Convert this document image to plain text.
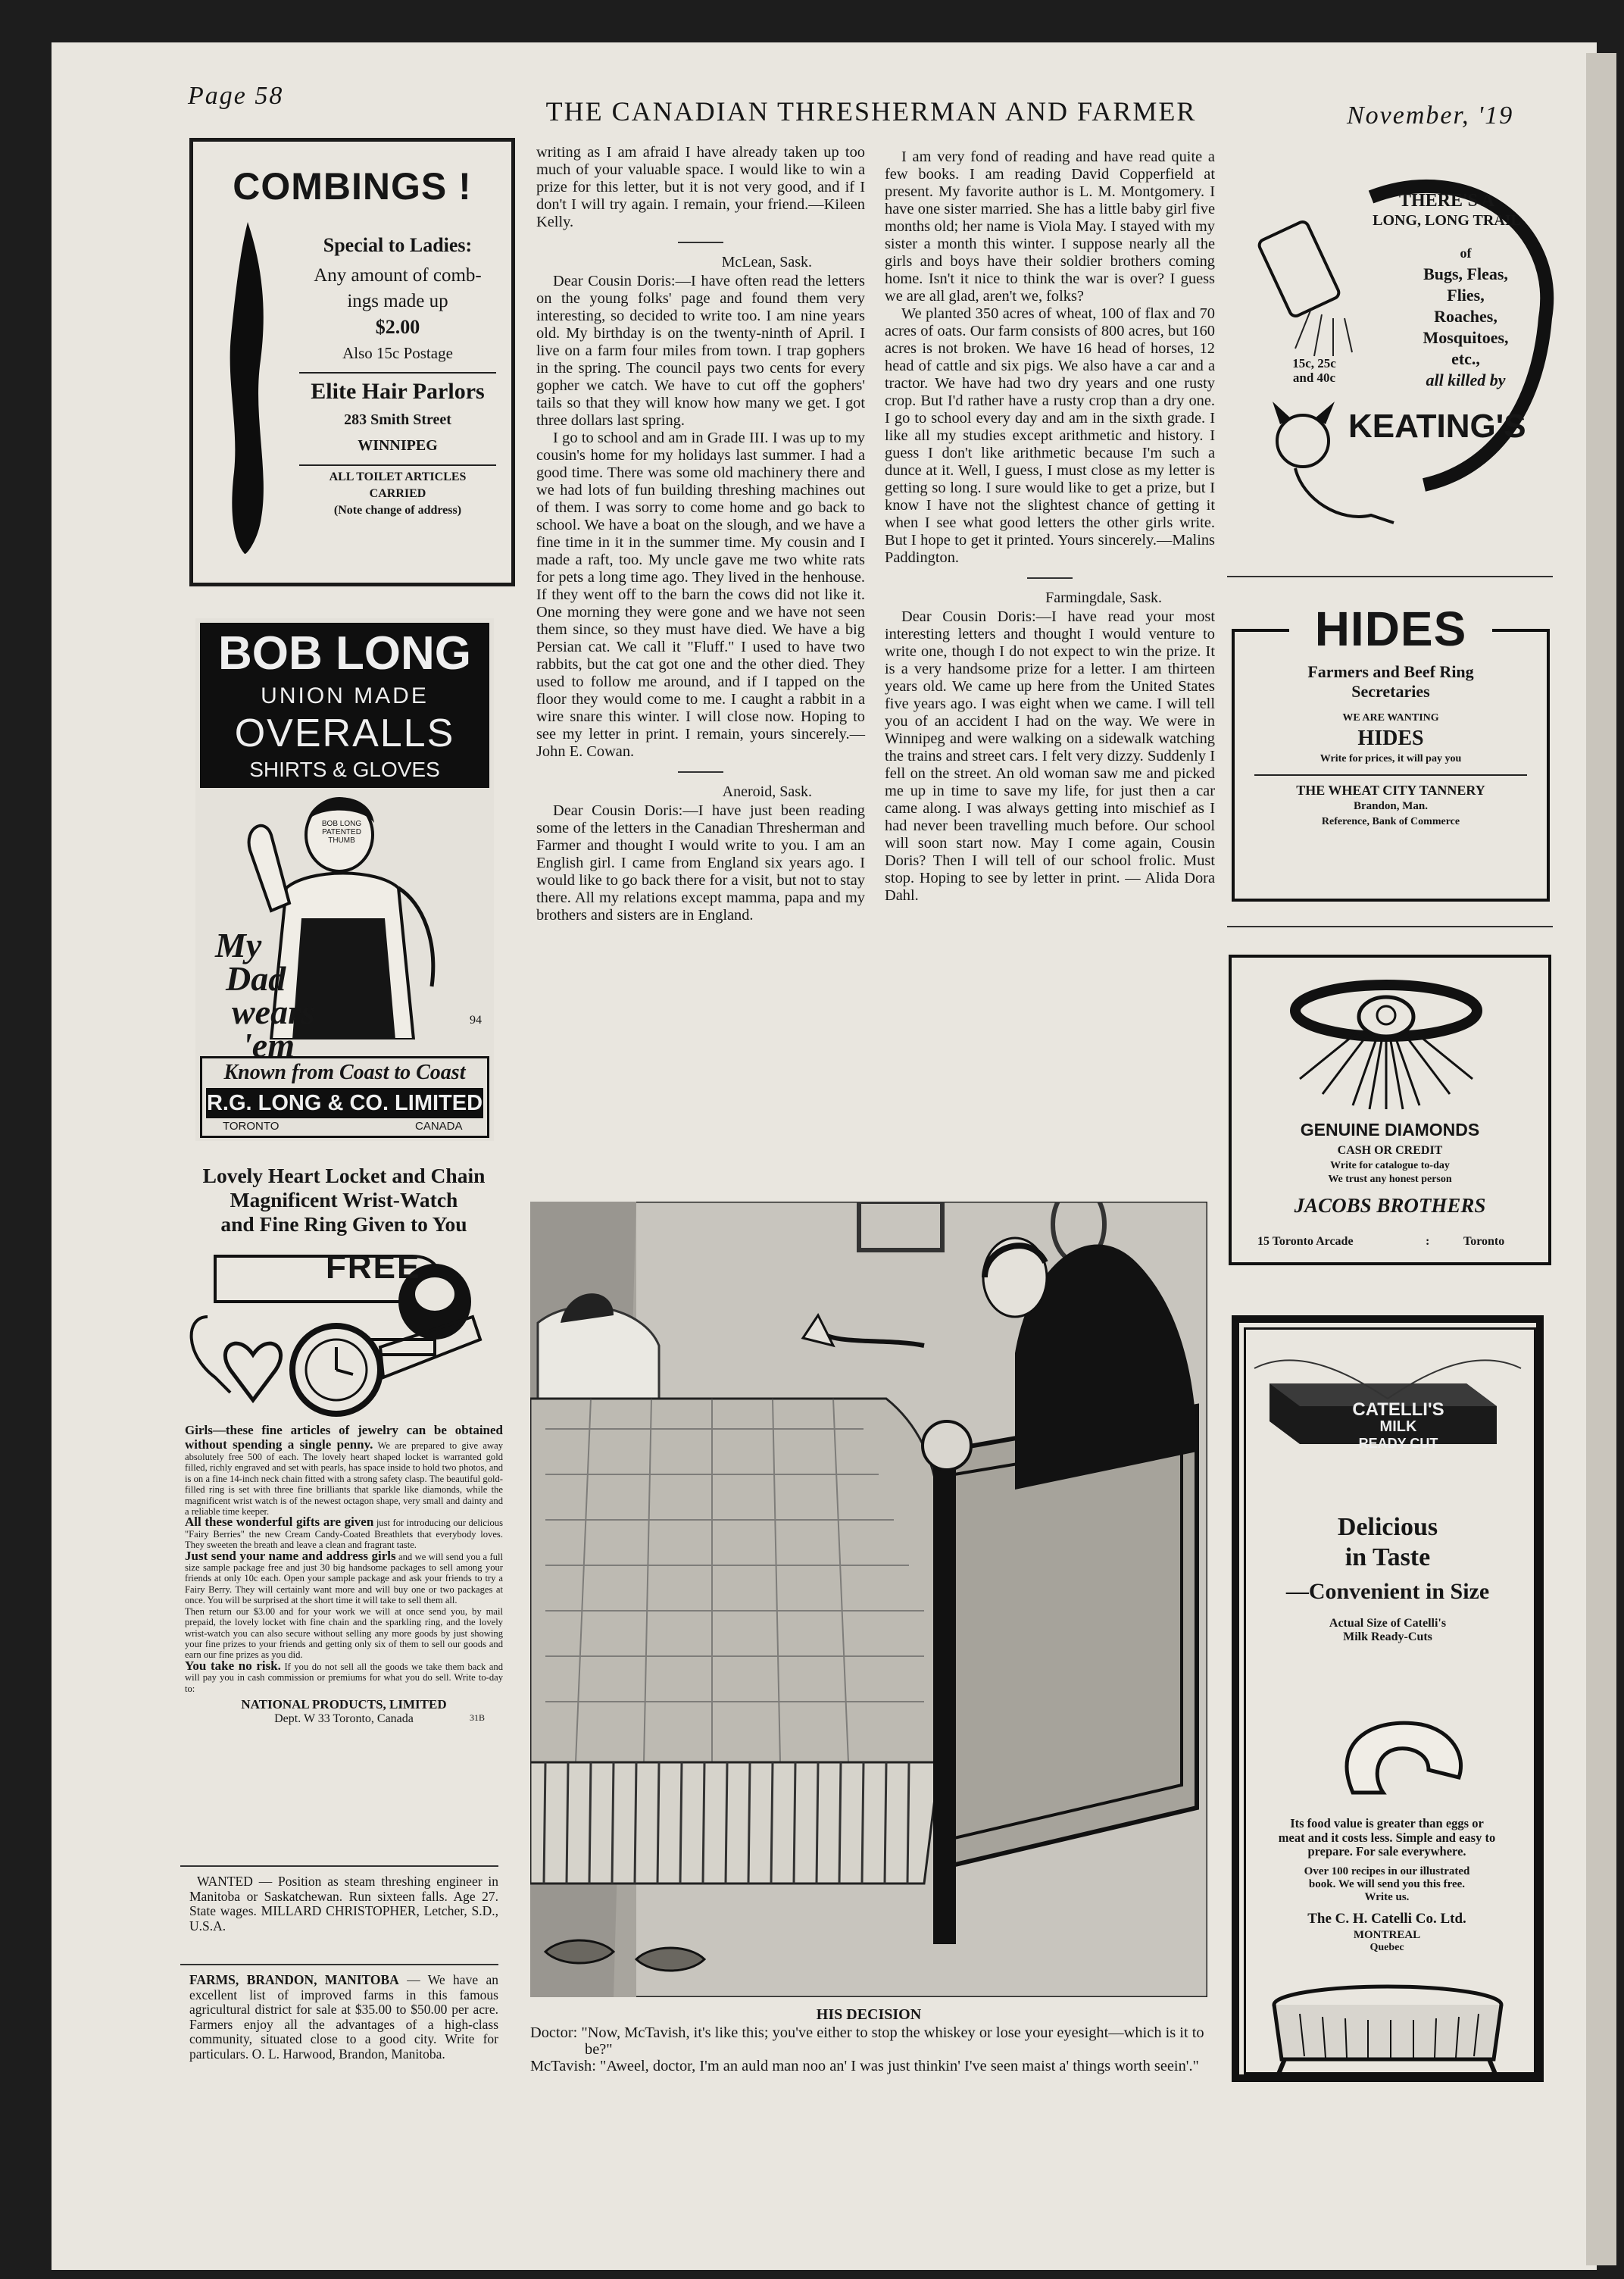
Page 58
THE CANADIAN THRESHERMAN AND FARMER	November, '19
COMBINGS !
Special to Ladies:
Any amount of comb-
ings made up
$2.00
Also 15c Postage
Elite Hair Parlors
283 Smith Street
WINNIPEG
ALL TOILET ARTICLES
CARRIED
(Note change of address)
BOB LONG
UNION MADE
OVERALLS
SHIRTS & GLOVES
BOB LONG
PATENTED
THUMB
My
Dad
wears
'em
94
Known from Coast to Coast
R.G. LONG & CO. LIMITED
TORONTO	CANADA
Lovely Heart Locket and Chain
Magnificent Wrist-Watch
and Fine Ring Given to You
FREE
Girls—these fine articles of jewelry can be obtained without spending a single penny. We are prepared to give away absolutely free 500 of each. The lovely heart shaped locket is warranted gold filled, richly engraved and set with pearls, has space inside to hold two photos, and is on a fine 14-inch neck chain fitted with a strong safety clasp. The beautiful gold-filled ring is set with three fine brilliants that sparkle like diamonds, while the magnificent wrist watch is of the newest octagon shape, very small and dainty and a reliable time keeper.
All these wonderful gifts are given just for introducing our delicious "Fairy Berries" the new Cream Candy-Coated Breathlets that everybody loves. They sweeten the breath and leave a clean and fragrant taste.
Just send your name and address girls and we will send you a full size sample package free and just 30 big handsome packages to sell among your friends at only 10c each. Open your sample package and ask your friends to try a Fairy Berry. They will certainly want more and will buy one or two packages at once. You will be surprised at the short time it will take to sell them all.
Then return our $3.00 and for your work we will at once send you, by mail prepaid, the lovely locket with fine chain and the sparkling ring, and the lovely wrist-watch you can also secure without selling any more goods by just showing your fine prizes to your friends and getting only six of them to sell our goods and earn our fine prizes as you did.
You take no risk. If you do not sell all the goods we take them back and will pay you in cash commission or premiums for what you do sell. Write to-day to:
NATIONAL PRODUCTS, LIMITED
Dept. W 33 Toronto, Canada	31B
WANTED — Position as steam threshing engineer in Manitoba or Saskatchewan. Run sixteen falls. Age 27. State wages. MILLARD CHRISTOPHER, Letcher, S.D., U.S.A.
FARMS, BRANDON, MANITOBA — We have an excellent list of improved farms in this famous agricultural district for sale at $35.00 to $50.00 per acre. Farmers enjoy all the advantages of a high-class community, situated close to a good city. Write for particulars. O. L. Harwood, Brandon, Manitoba.

writing as I am afraid I have already taken up too much of your valuable space. I would like to win a prize for this letter, but it is not very good, and if I don't I will try again. I remain, your friend.—Kileen Kelly.

McLean, Sask.

Dear Cousin Doris:—I have often read the letters on the young folks' page and found them very interesting, so decided to write too. I am nine years old. My birthday is on the twenty-ninth of April. I live on a farm four miles from town. I trap gophers in the spring. The council pays two cents for every gopher we catch. We have to cut off the gophers' tails so that they will know how many we get. I got three dollars last spring.

I go to school and am in Grade III. I was up to my cousin's home for my holidays last summer. I had a good time. There was some old machinery there and we had lots of fun building threshing machines out of them. I was sorry to come home and go back to school. We have a boat on the slough, and we have a fine time in it in the summer time. My cousin and I made a raft, too. My uncle gave me two white rats for pets a long time ago. They lived in the henhouse. If they went off to the barn the cows did not like it. One morning they were gone and we have not seen them since, so they must have died. We have a big Persian cat. We call it "Fluff." I used to have two rabbits, but the cat got one and the other died. They used to follow me around, and if I tapped on the floor they would come to me. I caught a rabbit in a wire snare this winter. I will close now. Hoping to see my letter in print. I remain, yours sincerely.—John E. Cowan.

Aneroid, Sask.

Dear Cousin Doris:—I have just been reading some of the letters in the Canadian Thresherman and Farmer and thought I would write to you. I am an English girl. I came from England six years ago. I would like to go back there for a visit, but not to stay there. All my relations except mamma, papa and my brothers and sisters are in England.

I am very fond of reading and have read quite a few books. I am reading David Copperfield at present. My favorite author is L. M. Montgomery. I have one sister married. She has a little baby girl five months old; her name is Viola May. I stayed with my sister a month this winter. I suppose nearly all the girls and boys have their soldier brothers coming home. Isn't it nice to think the war is over? I guess we are all glad, aren't we, folks?

We planted 350 acres of wheat, 100 of flax and 70 acres of oats. Our farm consists of 800 acres, but 160 acres is not broken. We have 16 head of horses, 12 head of cattle and six pigs. We also have a car and a tractor. We have had two dry years and one rusty crop. But I'd rather have a rusty crop than a dry one. I go to school every day and am in the sixth grade. I like all my studies except arithmetic and history. I guess I don't like arithmetic because I'm such a dunce at it. Well, I guess, I must close as my letter is getting so long. I sure would like to get a prize, but I know I have not the slightest chance of getting it when I see what good letters the other girls write. But I hope to get it printed. Yours sincerely.—Malins Paddington.

Farmingdale, Sask.

Dear Cousin Doris:—I have read your most interesting letters and thought I would venture to write one, though I do not expect to win the prize. It is a very handsome prize for a letter. I am thirteen years old. We came up here from the United States five years ago. I was eight when we came. I will tell you of an accident I had on the way. We were in Winnipeg and were walking on a sidewalk watching the trains and street cars. I felt very dizzy. Suddenly I fell on the street. An old woman saw me and picked me up in time to save my life, for just then a car came along. I was always getting into mischief as I had never been travelling much before. Our school will soon start now. May I come again, Cousin Doris? Then I will tell of our school frolic. Must stop. Hoping to see by letter in print. — Alida Dora Dahl.

HIS DECISION
Doctor: "Now, McTavish, it's like this; you've either to stop the whiskey or lose your eyesight—which is it to be?"
McTavish: "Aweel, doctor, I'm an auld man noo an' I was just thinkin' I've seen maist a' things worth seein'."
THERE'S A
LONG, LONG TRAIL
of
Bugs, Fleas,
Flies,
Roaches,
Mosquitoes,
etc.,
all killed by
KEATING'S
15c, 25c
and 40c
HIDES
Farmers and Beef Ring
Secretaries
WE ARE WANTING
HIDES
Write for prices, it will pay you
THE WHEAT CITY TANNERY
Brandon, Man.
Reference, Bank of Commerce
GENUINE DIAMONDS
CASH OR CREDIT
Write for catalogue to-day
We trust any honest person
JACOBS BROTHERS
15 Toronto Arcade	:	Toronto
CATELLI'S
MILK
READY CUT
Delicious
in Taste
—Convenient in Size
Actual Size of Catelli's
Milk Ready-Cuts
Its food value is greater than eggs or meat and it costs less. Simple and easy to prepare. For sale everywhere.
Over 100 recipes in our illustrated book. We will send you this free. Write us.
The C. H. Catelli Co. Ltd.
MONTREAL
Quebec
